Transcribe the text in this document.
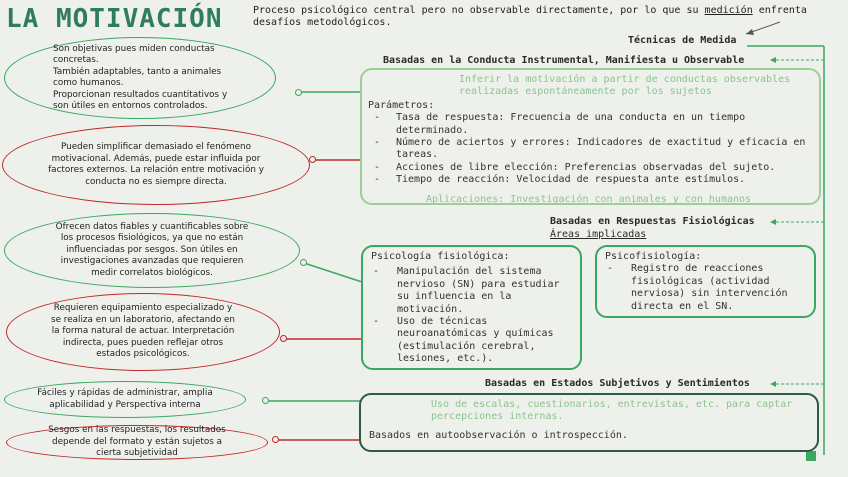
LA MOTIVACIÓN	Proceso psicológico central pero no observable directamente, por lo que su medición enfrenta desafíos metodológicos.
Técnicas de Medida
Basadas en la Conducta Instrumental, Manifiesta u Observable
Son objetivas pues miden conductas
concretas.
También adaptables, tanto a animales
como humanos.
Proporcionan resultados cuantitativos y
son útiles en entornos controlados.
Pueden simplificar demasiado el fenómeno motivacional. Además, puede estar influida por factores externos. La relación entre motivación y conducta no es siempre directa.
Inferir la motivación a partir de conductas observables realizadas espontáneamente por los sujetos
Parámetros:
-	Tasa de respuesta: Frecuencia de una conducta en un tiempo determinado.
-	Número de aciertos y errores: Indicadores de exactitud y eficacia en tareas.
-	Acciones de libre elección: Preferencias observadas del sujeto.
-	Tiempo de reacción: Velocidad de respuesta ante estímulos.
Aplicaciones: Investigación con animales y con humanos
Basadas en Respuestas Fisiológicas
Áreas implicadas
Ofrecen datos fiables y cuantificables sobre los procesos fisiológicos, ya que no están influenciadas por sesgos. Son útiles en investigaciones avanzadas que requieren medir correlatos biológicos.
Requieren equipamiento especializado y se realiza en un laboratorio, afectando en la forma natural de actuar. Interpretación indirecta, pues pueden reflejar otros estados psicológicos.
Psicología fisiológica:
-	Manipulación del sistema nervioso (SN) para estudiar su influencia en la motivación.
-	Uso de técnicas neuroanatómicas y químicas (estimulación cerebral, lesiones, etc.).
Psicofisiología:
-	Registro de reacciones fisiológicas (actividad nerviosa) sin intervención directa en el SN.
Basadas en Estados Subjetivos y Sentimientos
Fáciles y rápidas de administrar, amplia aplicabilidad y Perspectiva interna
Sesgos en las respuestas, los resultados depende del formato y están sujetos a cierta subjetividad
Uso de escalas, cuestionarios, entrevistas, etc. para captar percepciones internas.
Basados en autoobservación o introspección.
